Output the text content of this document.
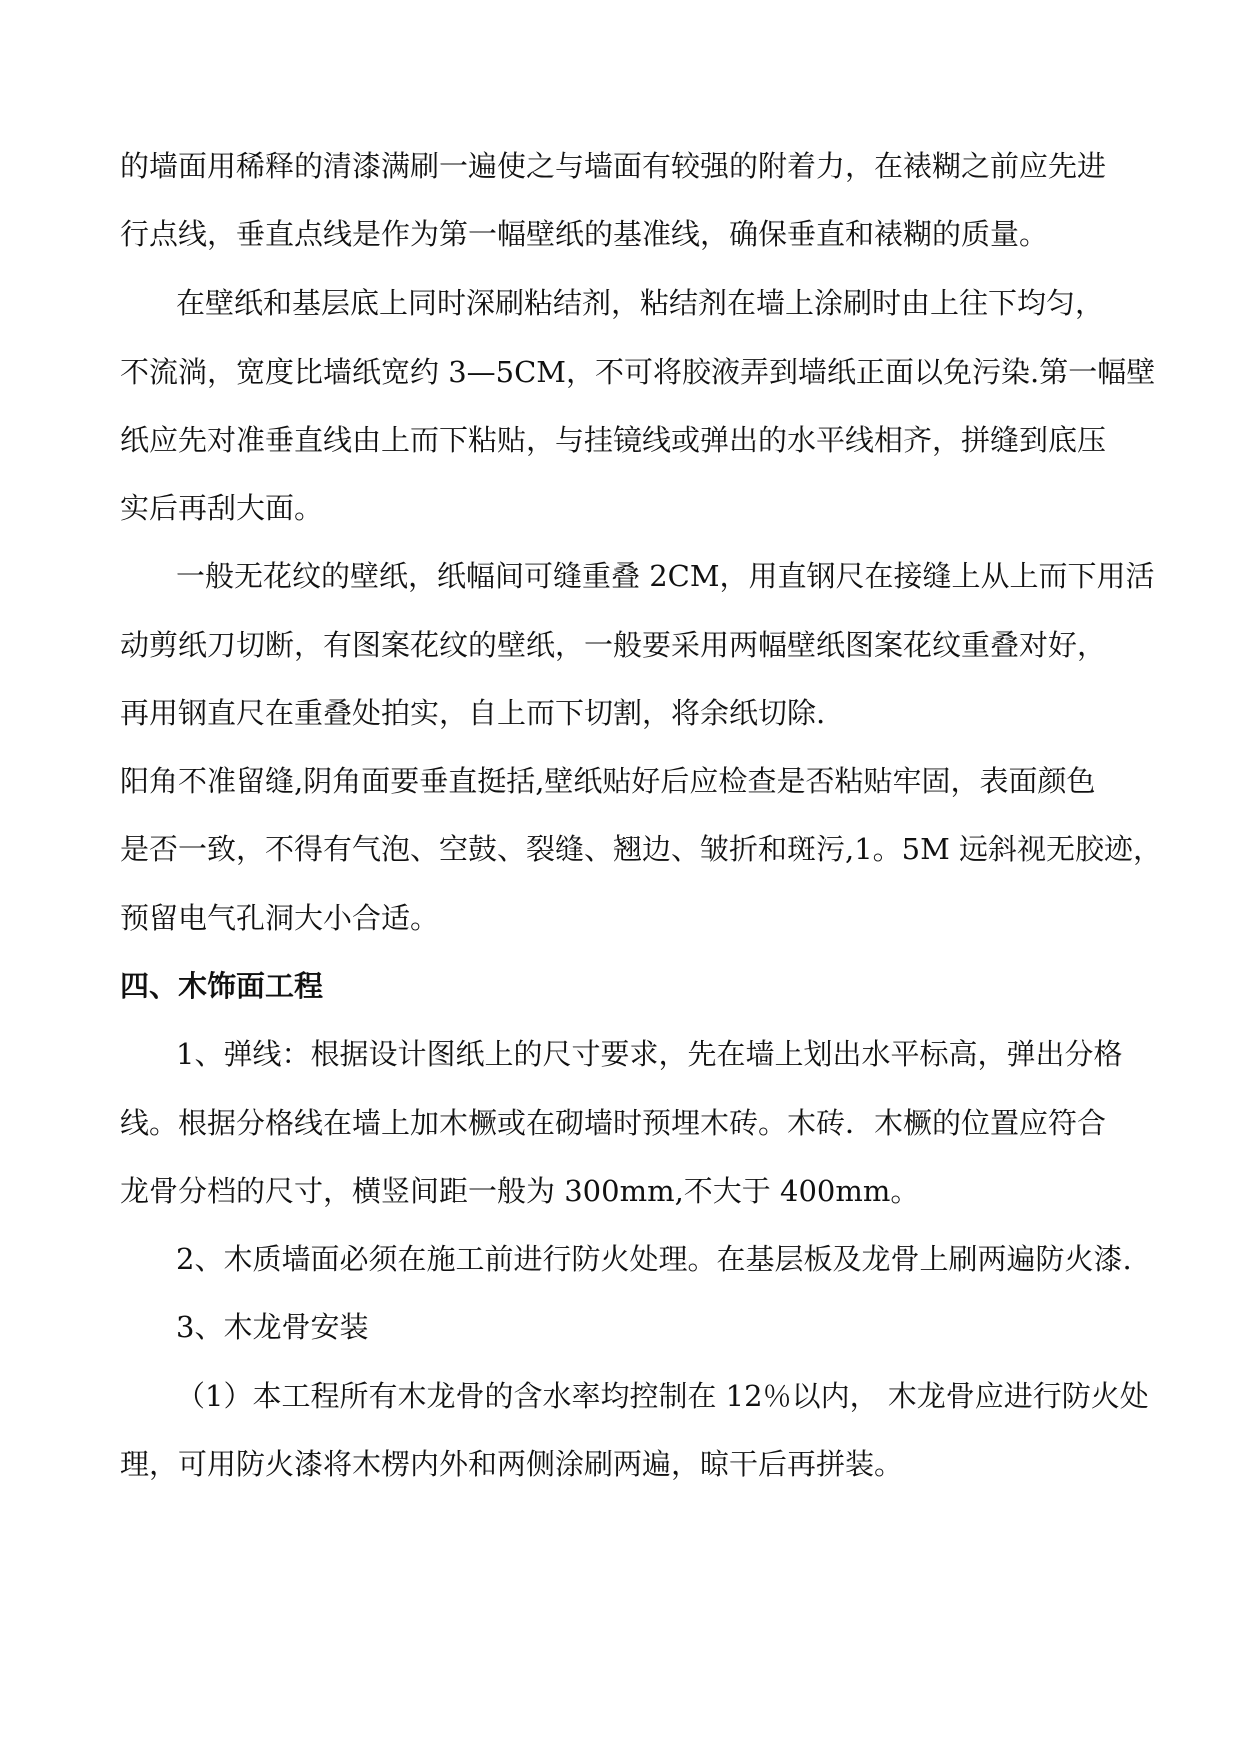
的墙面用稀释的清漆满刷一遍使之与墙面有较强的附着力，在裱糊之前应先进
行点线，垂直点线是作为第一幅壁纸的基准线，确保垂直和裱糊的质量。
在壁纸和基层底上同时深刷粘结剂，粘结剂在墙上涂刷时由上往下均匀，
不流淌，宽度比墙纸宽约 3—5CM，不可将胶液弄到墙纸正面以免污染.第一幅壁
纸应先对准垂直线由上而下粘贴，与挂镜线或弹出的水平线相齐，拼缝到底压
实后再刮大面。
一般无花纹的壁纸，纸幅间可缝重叠 2CM，用直钢尺在接缝上从上而下用活
动剪纸刀切断，有图案花纹的壁纸，一般要采用两幅壁纸图案花纹重叠对好，
再用钢直尺在重叠处拍实，自上而下切割，将余纸切除.
阳角不准留缝,阴角面要垂直挺括,壁纸贴好后应检查是否粘贴牢固，表面颜色
是否一致，不得有气泡、空鼓、裂缝、翘边、皱折和斑污,1。5M 远斜视无胶迹，
预留电气孔洞大小合适。
四、木饰面工程
1、弹线：根据设计图纸上的尺寸要求，先在墙上划出水平标高，弹出分格
线。根据分格线在墙上加木橛或在砌墙时预埋木砖。木砖．木橛的位置应符合
龙骨分档的尺寸，横竖间距一般为 300mm,不大于 400mm。
2、木质墙面必须在施工前进行防火处理。在基层板及龙骨上刷两遍防火漆.
3、木龙骨安装
（1）本工程所有木龙骨的含水率均控制在 12％以内， 木龙骨应进行防火处
理，可用防火漆将木楞内外和两侧涂刷两遍，晾干后再拼装。
